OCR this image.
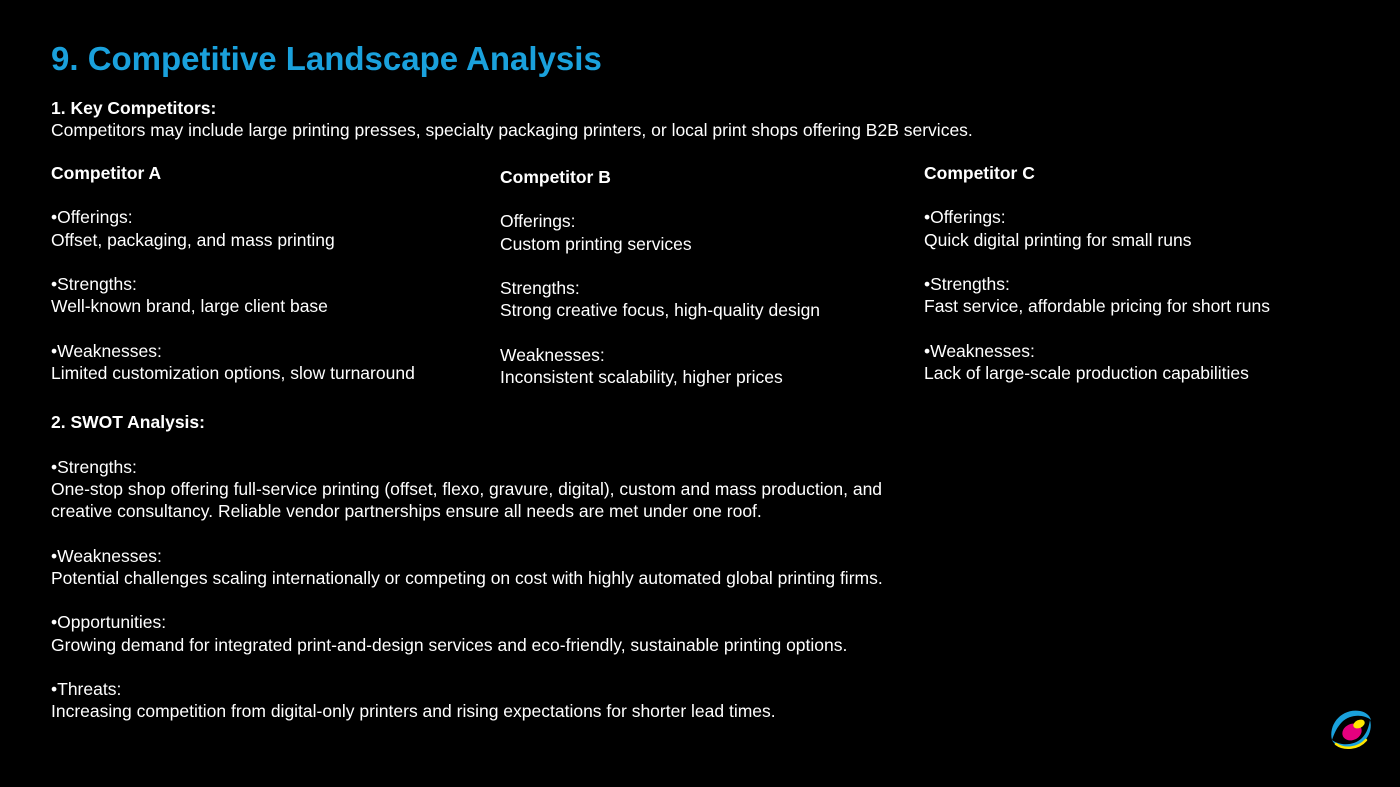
9. Competitive Landscape Analysis
1. Key Competitors:
Competitors may include large printing presses, specialty packaging printers, or local print shops offering B2B services.
Competitor A
•Offerings:
Offset, packaging, and mass printing
•Strengths:
Well-known brand, large client base
•Weaknesses:
Limited customization options, slow turnaround
Competitor B
Offerings:
Custom printing services
Strengths:
Strong creative focus, high-quality design
Weaknesses:
Inconsistent scalability, higher prices
Competitor C
•Offerings:
Quick digital printing for small runs
•Strengths:
Fast service, affordable pricing for short runs
•Weaknesses:
Lack of large-scale production capabilities
2. SWOT Analysis:
•Strengths:
One-stop shop offering full-service printing (offset, flexo, gravure, digital), custom and mass production, and
creative consultancy. Reliable vendor partnerships ensure all needs are met under one roof.
•Weaknesses:
Potential challenges scaling internationally or competing on cost with highly automated global printing firms.
•Opportunities:
Growing demand for integrated print-and-design services and eco-friendly, sustainable printing options.
•Threats:
Increasing competition from digital-only printers and rising expectations for shorter lead times.
